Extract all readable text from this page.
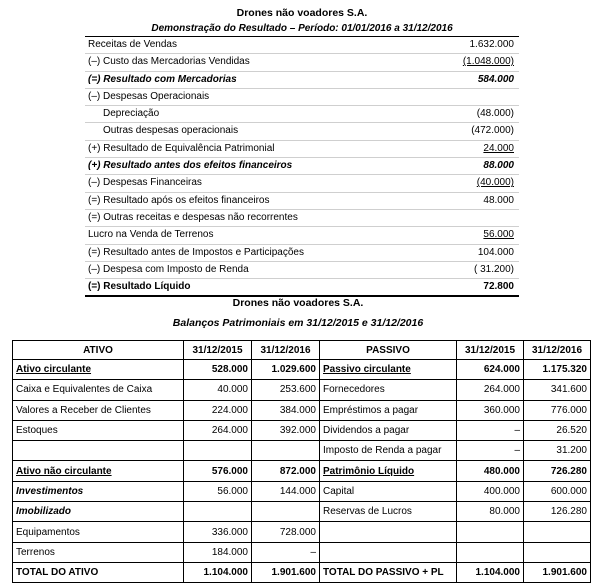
Drones não voadores S.A.
Demonstração do Resultado – Período: 01/01/2016 a 31/12/2016
Receitas de Vendas	1.632.000
(–) Custo das Mercadorias Vendidas	(1.048.000)
(=) Resultado com Mercadorias	584.000
(–) Despesas Operacionais
Depreciação	(48.000)
Outras despesas operacionais	(472.000)
(+) Resultado de Equivalência Patrimonial	24.000
(+) Resultado antes dos efeitos financeiros	88.000
(–) Despesas Financeiras	(40.000)
(=) Resultado após os efeitos financeiros	48.000
(=) Outras receitas e despesas não recorrentes
Lucro na Venda de Terrenos	56.000
(=) Resultado antes de Impostos e Participações	104.000
(–) Despesa com Imposto de Renda	( 31.200)
(=) Resultado Líquido	72.800
Drones não voadores S.A.
Balanços Patrimoniais em 31/12/2015 e 31/12/2016
ATIVO	31/12/2015	31/12/2016	PASSIVO	31/12/2015	31/12/2016
Ativo circulante	528.000	1.029.600	Passivo circulante	624.000	1.175.320
Caixa e Equivalentes de Caixa	40.000	253.600	Fornecedores	264.000	341.600
Valores a Receber de Clientes	224.000	384.000	Empréstimos a pagar	360.000	776.000
Estoques	264.000	392.000	Dividendos a pagar	–	26.520
			Imposto de Renda a pagar	–	31.200
Ativo não circulante	576.000	872.000	Patrimônio Líquido	480.000	726.280
Investimentos	56.000	144.000	Capital	400.000	600.000
Imobilizado			Reservas de Lucros	80.000	126.280
Equipamentos	336.000	728.000			
Terrenos	184.000	–			
TOTAL DO ATIVO	1.104.000	1.901.600	TOTAL DO PASSIVO + PL	1.104.000	1.901.600
